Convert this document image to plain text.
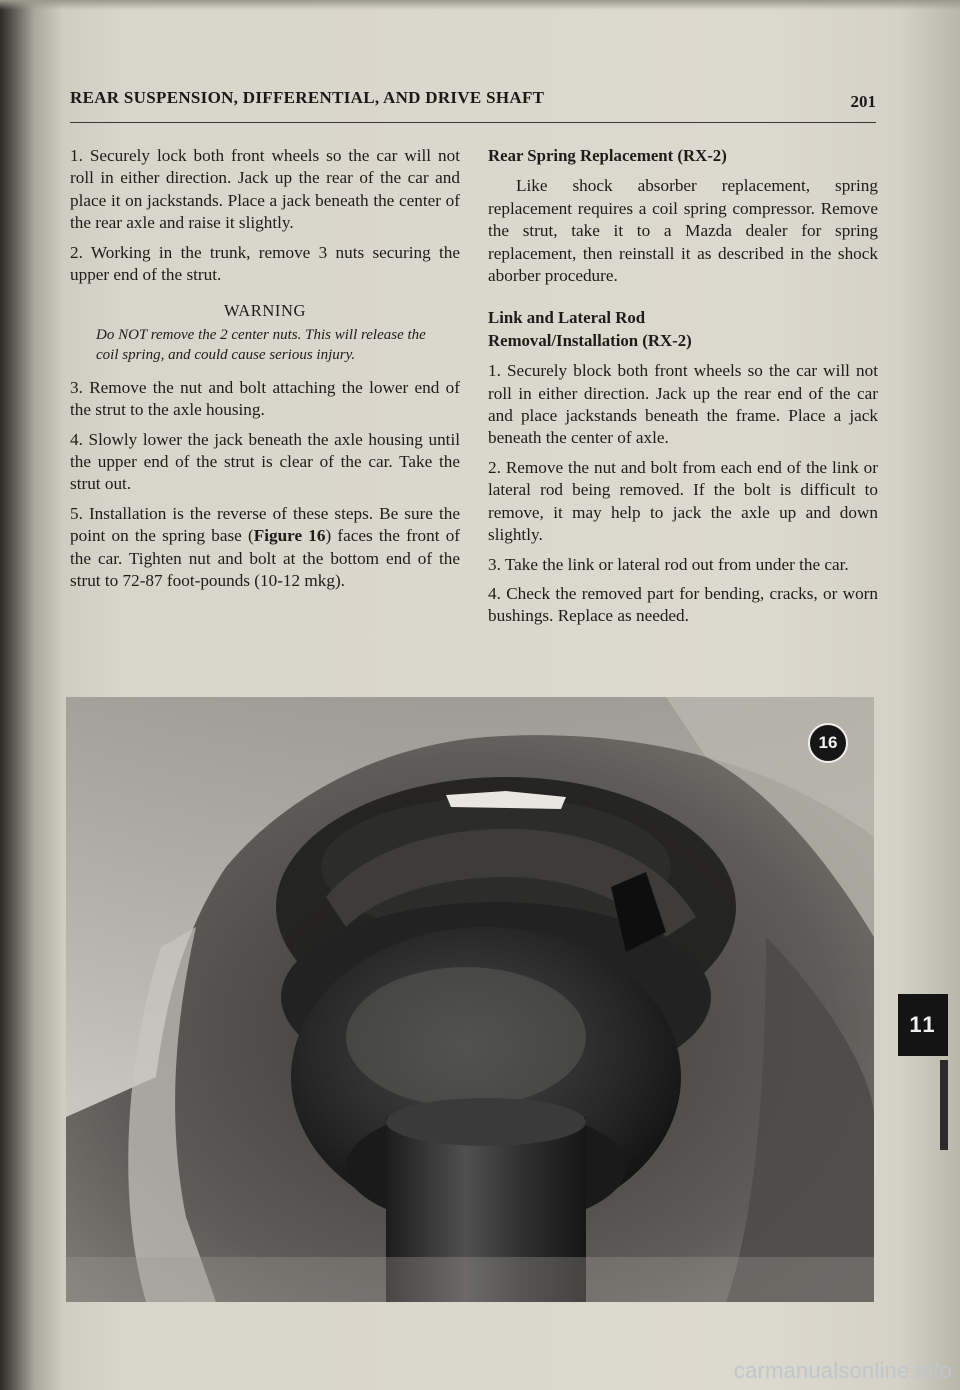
REAR SUSPENSION, DIFFERENTIAL, AND DRIVE SHAFT	201

1. Securely lock both front wheels so the car will not roll in either direction. Jack up the rear of the car and place it on jackstands. Place a jack beneath the center of the rear axle and raise it slightly.

2. Working in the trunk, remove 3 nuts securing the upper end of the strut.

WARNING
Do NOT remove the 2 center nuts. This will release the coil spring, and could cause serious injury.

3. Remove the nut and bolt attaching the lower end of the strut to the axle housing.

4. Slowly lower the jack beneath the axle housing until the upper end of the strut is clear of the car. Take the strut out.

5. Installation is the reverse of these steps. Be sure the point on the spring base (Figure 16) faces the front of the car. Tighten nut and bolt at the bottom end of the strut to 72-87 foot-pounds (10-12 mkg).

Rear Spring Replacement (RX-2)

Like shock absorber replacement, spring replacement requires a coil spring compressor. Remove the strut, take it to a Mazda dealer for spring replacement, then reinstall it as described in the shock aborber procedure.

Link and Lateral Rod
Removal/Installation (RX-2)

1. Securely block both front wheels so the car will not roll in either direction. Jack up the rear end of the car and place jackstands beneath the frame. Place a jack beneath the center of axle.

2. Remove the nut and bolt from each end of the link or lateral rod being removed. If the bolt is difficult to remove, it may help to jack the axle up and down slightly.

3. Take the link or lateral rod out from under the car.

4. Check the removed part for bending, cracks, or worn bushings. Replace as needed.

16
11
carmanualsonline.info
